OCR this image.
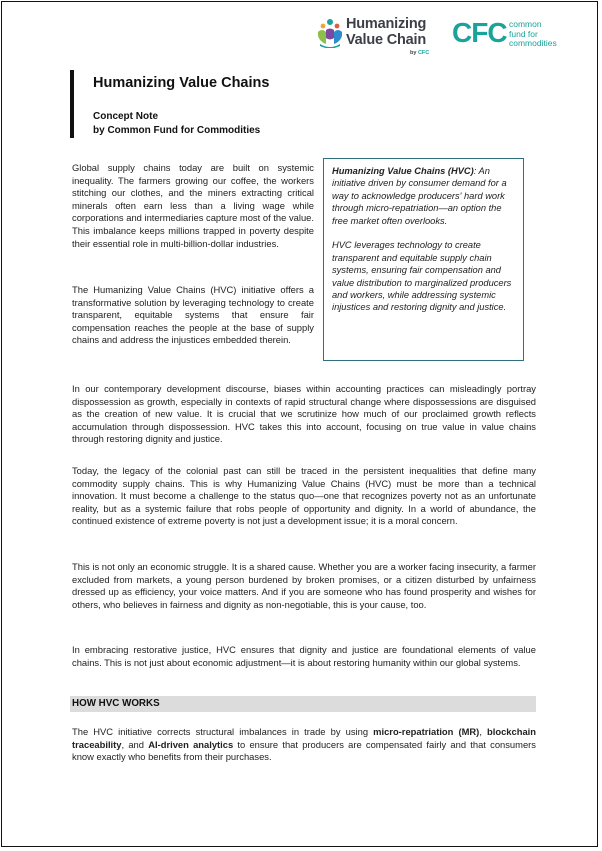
Humanizing
Value Chain
by CFC
CFC common
fund for
commodities
Humanizing Value Chains
Concept Note
by Common Fund for Commodities
Global supply chains today are built on systemic inequality. The farmers growing our coffee, the workers stitching our clothes, and the miners extracting critical minerals often earn less than a living wage while corporations and intermediaries capture most of the value. This imbalance keeps millions trapped in poverty despite their essential role in multi-billion-dollar industries.
The Humanizing Value Chains (HVC) initiative offers a transformative solution by leveraging technology to create transparent, equitable systems that ensure fair compensation reaches the people at the base of supply chains and address the injustices embedded therein.

Humanizing Value Chains (HVC): An initiative driven by consumer demand for a way to acknowledge producers' hard work through micro-repatriation—an option the free market often overlooks.

HVC leverages technology to create transparent and equitable supply chain systems, ensuring fair compensation and value distribution to marginalized producers and workers, while addressing systemic injustices and restoring dignity and justice.

In our contemporary development discourse, biases within accounting practices can misleadingly portray dispossession as growth, especially in contexts of rapid structural change where dispossessions are disguised as the creation of new value. It is crucial that we scrutinize how much of our proclaimed growth reflects accumulation through dispossession. HVC takes this into account, focusing on true value in value chains through restoring dignity and justice.
Today, the legacy of the colonial past can still be traced in the persistent inequalities that define many commodity supply chains. This is why Humanizing Value Chains (HVC) must be more than a technical innovation. It must become a challenge to the status quo—one that recognizes poverty not as an unfortunate reality, but as a systemic failure that robs people of opportunity and dignity. In a world of abundance, the continued existence of extreme poverty is not just a development issue; it is a moral concern.
This is not only an economic struggle. It is a shared cause. Whether you are a worker facing insecurity, a farmer excluded from markets, a young person burdened by broken promises, or a citizen disturbed by unfairness dressed up as efficiency, your voice matters. And if you are someone who has found prosperity and wishes for others, who believes in fairness and dignity as non-negotiable, this is your cause, too.
In embracing restorative justice, HVC ensures that dignity and justice are foundational elements of value chains. This is not just about economic adjustment—it is about restoring humanity within our global systems.
HOW HVC WORKS
The HVC initiative corrects structural imbalances in trade by using micro-repatriation (MR), blockchain traceability, and AI-driven analytics to ensure that producers are compensated fairly and that consumers know exactly who benefits from their purchases.
